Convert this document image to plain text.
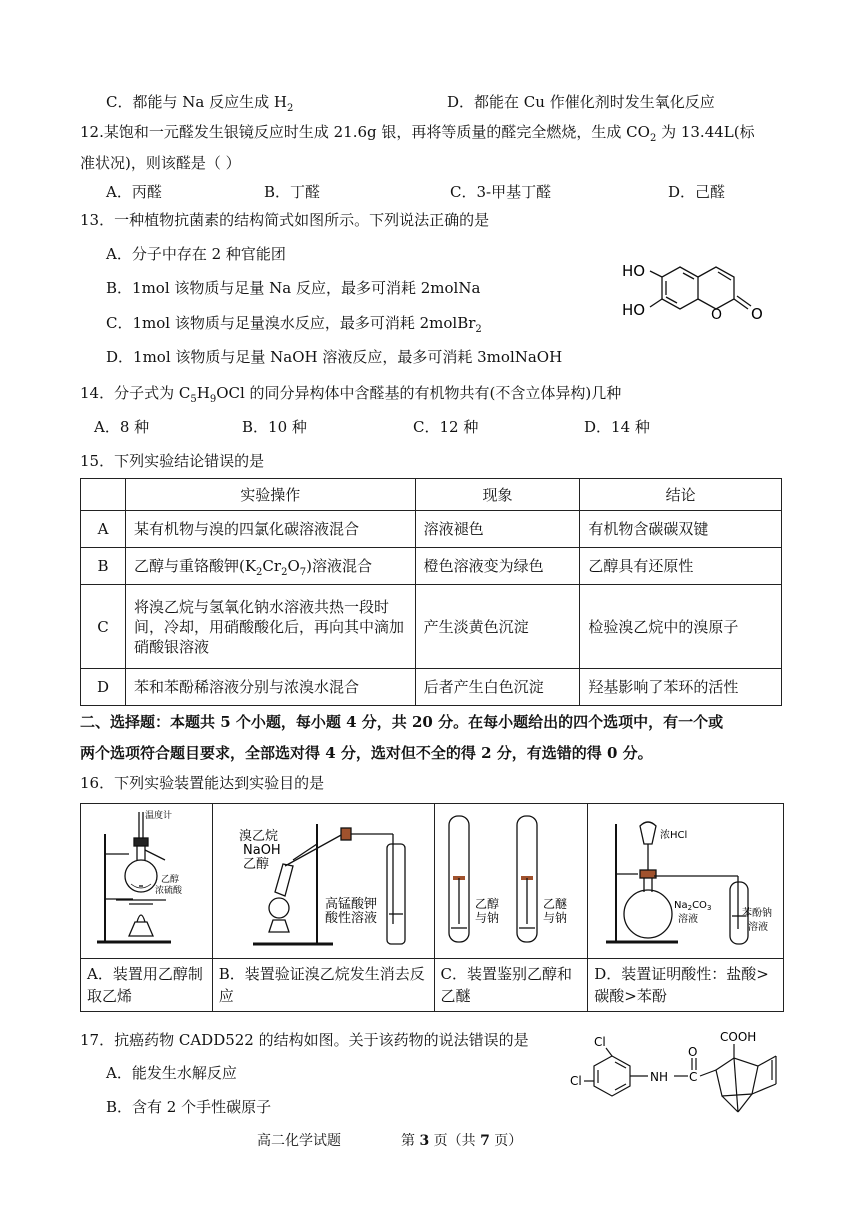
C．都能与 Na 反应生成 $H_2$	D．都能在 Cu 作催化剂时发生氧化反应
12.某饱和一元醛发生银镜反应时生成 21.6g 银，再将等质量的醛完全燃烧，生成 $CO_2$ 为 13.44L(标
准状况)，则该醛是（ ）
A．丙醛	B．丁醛	C．3-甲基丁醛	D．己醛
13．一种植物抗菌素的结构简式如图所示。下列说法正确的是
A．分子中存在 2 种官能团
B．1mol 该物质与足量 Na 反应，最多可消耗 2molNa
C．1mol 该物质与足量溴水反应，最多可消耗 2molBr$_2$
D．1mol 该物质与足量 NaOH 溶液反应，最多可消耗 3molNaOH
HO
HO	O O
14．分子式为 $C_5H_9OCl$ 的同分异构体中含醛基的有机物共有(不含立体异构)几种
A．8 种	B．10 种	C．12 种	D．14 种
15．下列实验结论错误的是
	实验操作	现象	结论
A	某有机物与溴的四氯化碳溶液混合	溶液褪色	有机物含碳碳双键
B	乙醇与重铬酸钾$(K_2Cr_2O_7)$溶液混合	橙色溶液变为绿色	乙醇具有还原性
C	将溴乙烷与氢氧化钠水溶液共热一段时间，冷却，用硝酸酸化后，再向其中滴加硝酸银溶液	产生淡黄色沉淀	检验溴乙烷中的溴原子
D	苯和苯酚稀溶液分别与浓溴水混合	后者产生白色沉淀	羟基影响了苯环的活性
二、选择题：本题共 5 个小题，每小题 4 分，共 20 分。在每小题给出的四个选项中，有一个或
两个选项符合题目要求，全部选对得 4 分，选对但不全的得 2 分，有选错的得 0 分。
16．下列实验装置能达到实验目的是
温度计
乙醇
浓硫酸	溴乙烷
NaOH
乙醇
高锰酸钾
酸性溶液	乙醇
与钠
乙醚
与钠	浓HCl
$Na_2CO_3$
溶液
苯酚钠
溶液

A．装置用乙醇制取乙烯	B．装置验证溴乙烷发生消去反应	C．装置鉴别乙醇和乙醚	D．装置证明酸性：盐酸>碳酸>苯酚
17．抗癌药物 CADD522 的结构如图。关于该药物的说法错误的是
A．能发生水解反应
B．含有 2 个手性碳原子
COOH
Cl
Cl	NH C
O
高二化学试题	第 3 页（共 7 页）
